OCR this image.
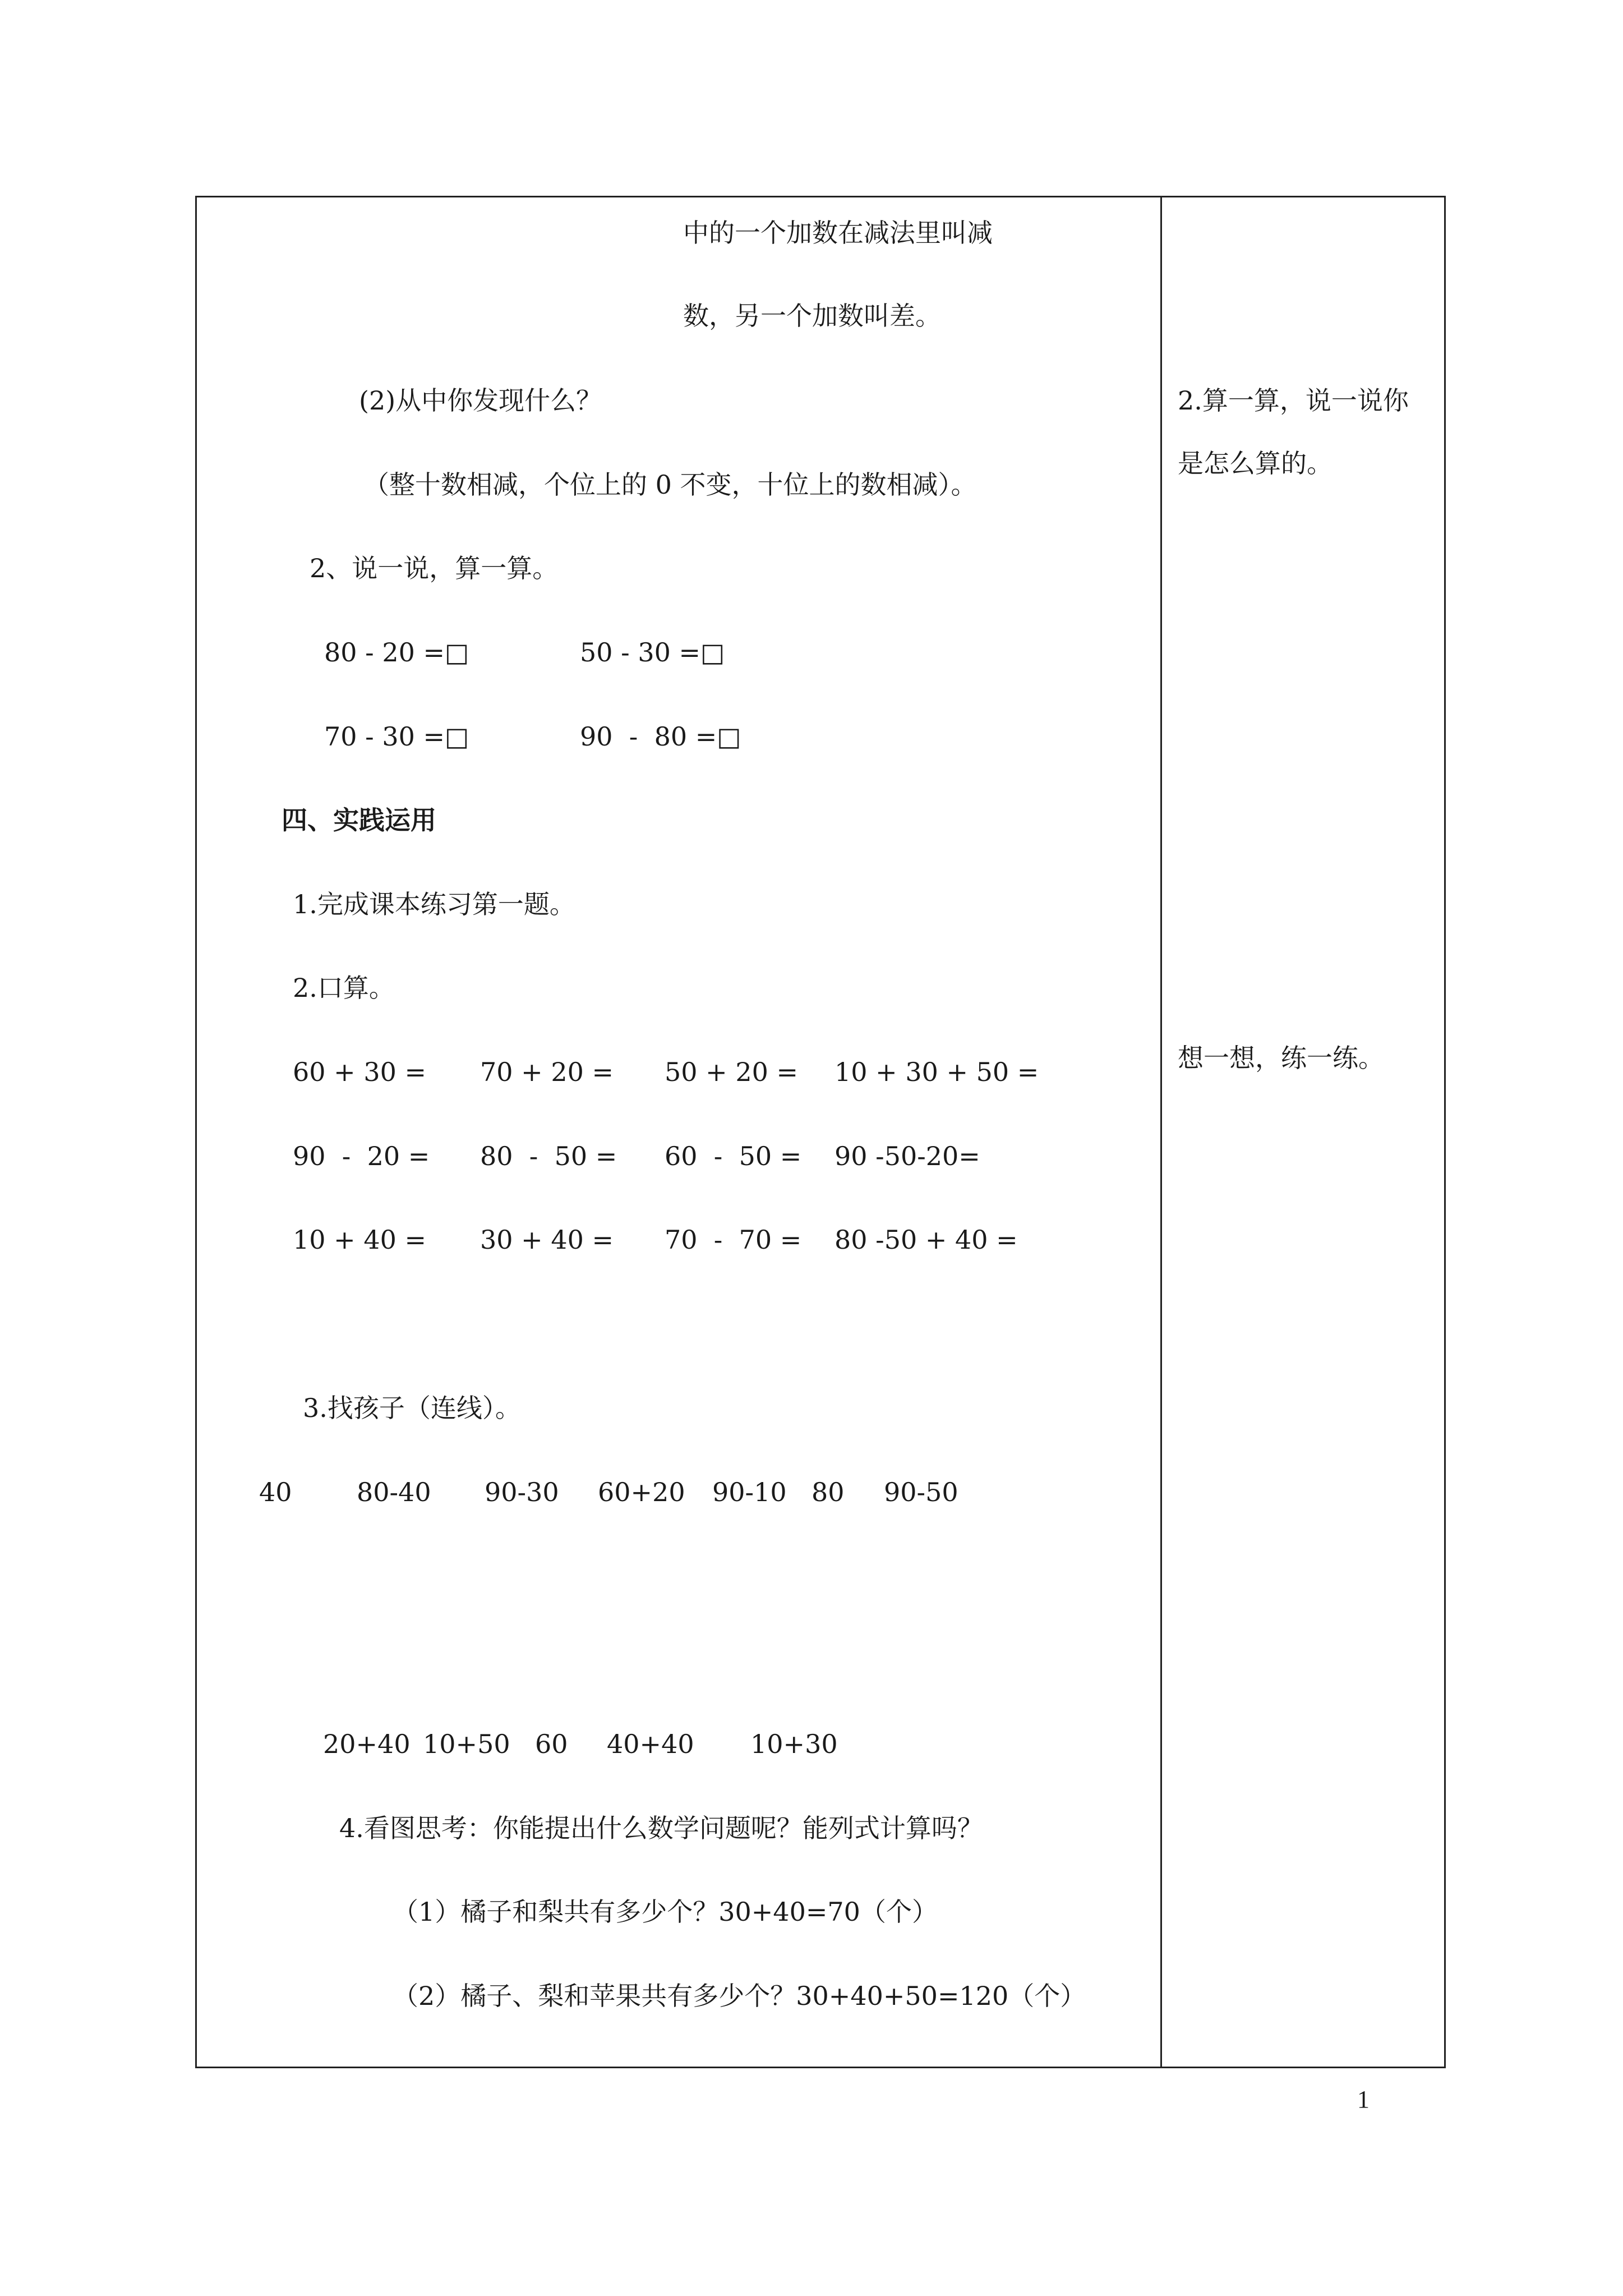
中的一个加数在减法里叫减
数，另一个加数叫差。
(2)从中你发现什么？
（整十数相减，个位上的 0 不变，十位上的数相减）。
2、说一说，算一算。
80 - 20 =□	50 - 30 =□
70 - 30 =□	90  -  80 =□
四、实践运用
1.完成课本练习第一题。
2.口算。
60 + 30 = 70 + 20 = 50 + 20 = 10 + 30 + 50 =
90  -  20 = 80  -  50 = 60  -  50 = 90 -50-20=
10 + 40 = 30 + 40 = 70  -  70 = 80 -50 + 40 =
3.找孩子（连线）。
40	80-40 90-30 60+20 90-10 80 90-50
20+40 10+50 60 40+40 10+30
4.看图思考：你能提出什么数学问题呢？能列式计算吗？
（1）橘子和梨共有多少个？30+40=70（个）
（2）橘子、梨和苹果共有多少个？30+40+50=120（个）
2.算一算，说一说你
是怎么算的。
想一想，练一练。
1
